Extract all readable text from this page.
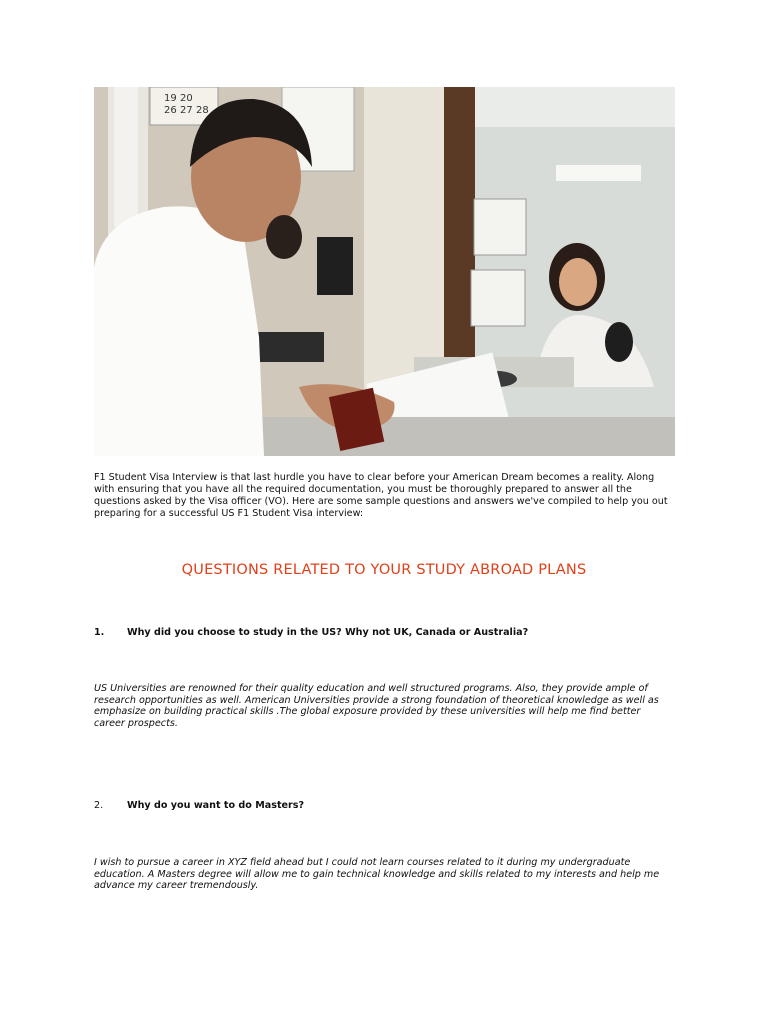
19 20
26 27 28

F1 Student Visa Interview is that last hurdle you have to clear before your American Dream becomes a reality. Along with ensuring that you have all the required documentation, you must be thoroughly prepared to answer all the questions asked by the Visa officer (VO). Here are some sample questions and answers we've compiled to help you out preparing for a successful US F1 Student Visa interview:

QUESTIONS RELATED TO YOUR STUDY ABROAD PLANS

1. Why did you choose to study in the US? Why not UK, Canada or Australia?

US Universities are renowned for their quality education and well structured programs. Also, they provide ample of research opportunities as well. American Universities provide a strong foundation of theoretical knowledge as well as emphasize on building practical skills .The global exposure provided by these universities will help me find better career prospects.

2. Why do you want to do Masters?

I wish to pursue a career in XYZ field ahead but I could not learn courses related to it during my undergraduate education. A Masters degree will allow me to gain technical knowledge and skills related to my interests and help me advance my career tremendously.
